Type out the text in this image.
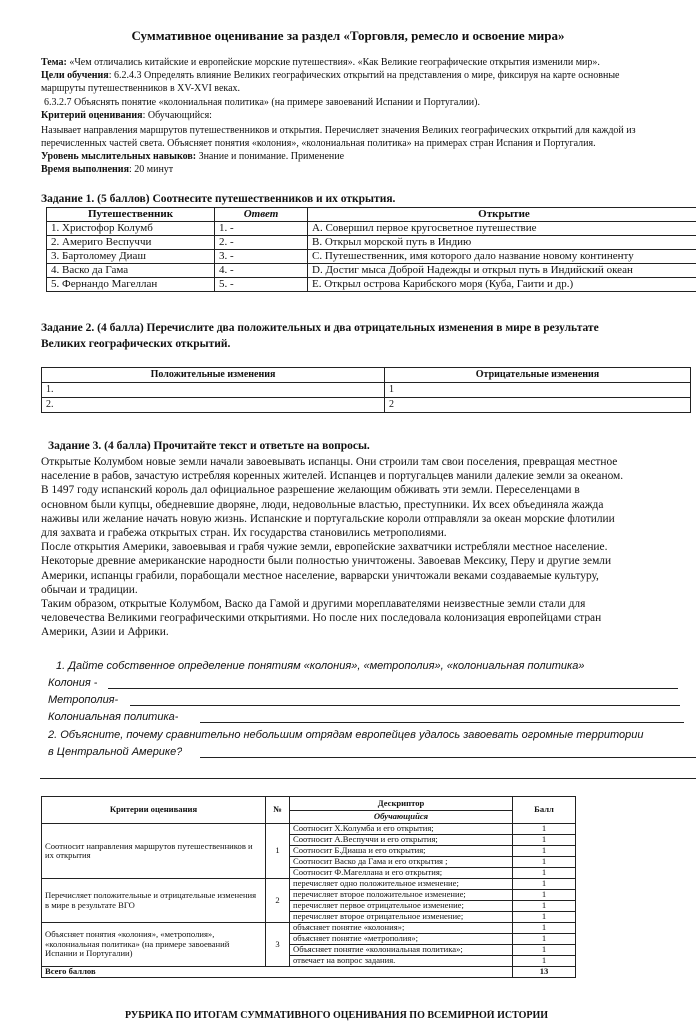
Суммативное оценивание за раздел «Торговля, ремесло и освоение мира»
Тема: «Чем отличались китайские и европейские морские путешествия». «Как Великие географические открытия изменили мир».
Цели обучения: 6.2.4.3 Определять влияние Великих географических открытий на представления о мире, фиксируя на карте основные
маршруты путешественников в XV-XVI веках.
6.3.2.7 Объяснять понятие «колониальная политика» (на примере завоеваний Испании и Португалии).
Критерий оценивания: Обучающийся:
Называет направления маршрутов путешественников и открытия. Перечисляет значения Великих географических открытий для каждой из
перечисленных частей света. Объясняет понятия «колония», «колониальная политика» на примерах стран Испания и Португалия.
Уровень мыслительных навыков: Знание и понимание. Применение
Время выполнения: 20 минут
Задание 1. (5 баллов) Соотнесите путешественников и их открытия.
Путешественник	Ответ	Открытие
1. Христофор Колумб	1. -	A. Совершил первое кругосветное путешествие
2. Америго Веспуччи	2. -	B. Открыл морской путь в Индию
3. Бартоломеу Диаш	3. -	C. Путешественник, имя которого дало название новому континенту
4. Васко да Гама	4. -	D. Достиг мыса Доброй Надежды и открыл путь в Индийский океан
5. Фернандо Магеллан	5. -	E. Открыл острова Карибского моря (Куба, Гаити и др.)
Задание 2. (4 балла) Перечислите два положительных и два отрицательных изменения в мире в результате
Великих географических открытий.
Положительные изменения	Отрицательные изменения
1.	1
2.	2
Задание 3. (4 балла) Прочитайте текст и ответьте на вопросы.
Открытые Колумбом новые земли начали завоевывать испанцы. Они строили там свои поселения, превращая местное
население в рабов, зачастую истребляя коренных жителей. Испанцев и португальцев манили далекие земли за океаном.
В 1497 году испанский король дал официальное разрешение желающим обживать эти земли. Переселенцами в
основном были купцы, обедневшие дворяне, люди, недовольные властью, преступники. Их всех объединяла жажда
наживы или желание начать новую жизнь. Испанские и португальские короли отправляли за океан морские флотилии
для захвата и грабежа открытых стран. Их государства становились метрополиями.
После открытия Америки, завоевывая и грабя чужие земли, европейские захватчики истребляли местное население.
Некоторые древние американские народности были полностью уничтожены. Завоевав Мексику, Перу и другие земли
Америки, испанцы грабили, порабощали местное население, варварски уничтожали веками создаваемые культуру,
обычаи и традиции.
Таким образом, открытые Колумбом, Васко да Гамой и другими мореплавателями неизвестные земли стали для
человечества Великими географическими открытиями. Но после них последовала колонизация европейцами стран
Америки, Азии и Африки.
1. Дайте собственное определение понятиям «колония», «метрополия», «колониальная политика»
Колония -
Метрополия-
Колониальная политика-
2. Объясните, почему сравнительно небольшим отрядам европейцев удалось завоевать огромные территории
в Центральной Америке?
Критерии оценивания	№	Дескриптор	Балл
		Обучающийся	
Соотносит направления маршрутов путешественников и их открытия	1	Соотносит Х.Колумба и его открытия;	1
		Соотносит А.Веспуччи и его открытия;	1
		Соотносит Б.Диаша и его открытия;	1
		Соотносит Васко да Гама и его открытия ;	1
		Соотносит Ф.Магеллана и его открытия;	1
Перечисляет положительные и отрицательные изменения в мире в результате ВГО	2	перечисляет одно положительное изменение;	1
		перечисляет второе положительное изменение;	1
		перечисляет первое отрицательное изменение;	1
		перечисляет второе отрицательное изменение;	1
Объясняет понятия «колония», «метрополия», «колониальная политика» (на примере завоеваний Испании и Португалии)	3	объясняет понятие «колония»;	1
		объясняет понятие «метрополия»;	1
		Объясняет понятие «колониальная политика»;	1
		отвечает на вопрос задания.	1
Всего баллов			13
РУБРИКА ПО ИТОГАМ СУММАТИВНОГО ОЦЕНИВАНИЯ ПО ВСЕМИРНОЙ ИСТОРИИ
